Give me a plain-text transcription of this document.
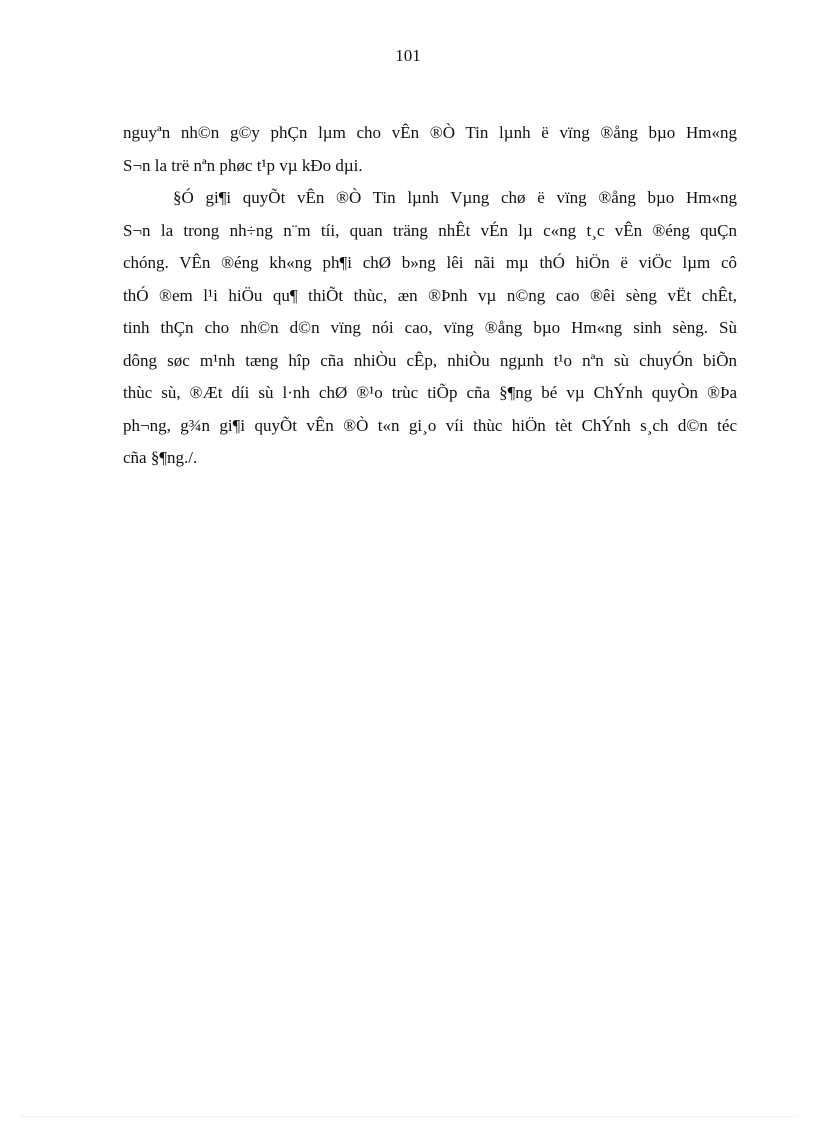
101

nguyªn nh©n g©y phÇn lµm cho vÊn ®Ò Tin lµnh ë vïng ®ång bµo Hm«ng
S¬n la trë nªn phøc t¹p vµ kÐo dµi.

§Ó gi¶i quyÕt vÊn ®Ò Tin lµnh Vµng chø ë vïng ®ång bµo Hm«ng
S¬n la trong nh÷ng n¨m tíi, quan träng nhÊt vÉn lµ c«ng t¸c vÊn ®éng quÇn
chóng. VÊn ®éng kh«ng ph¶i chØ b»ng lêi nãi mµ thÓ hiÖn ë viÖc lµm cô
thÓ ®em l¹i hiÖu qu¶ thiÕt thùc, æn ®Þnh vµ n©ng cao ®êi sèng vËt chÊt,
tinh thÇn cho nh©n d©n vïng nói cao, vïng ®ång bµo Hm«ng sinh sèng. Sù
dông søc m¹nh tæng hîp cña nhiÒu cÊp, nhiÒu ngµnh t¹o nªn sù chuyÓn biÕn
thùc sù, ®Æt díi sù l·nh chØ ®¹o trùc tiÕp cña §¶ng bé vµ ChÝnh quyÒn ®Þa
ph¬ng, g¾n gi¶i quyÕt vÊn ®Ò t«n gi¸o víi thùc hiÖn tèt ChÝnh s¸ch d©n téc
cña §¶ng./.
